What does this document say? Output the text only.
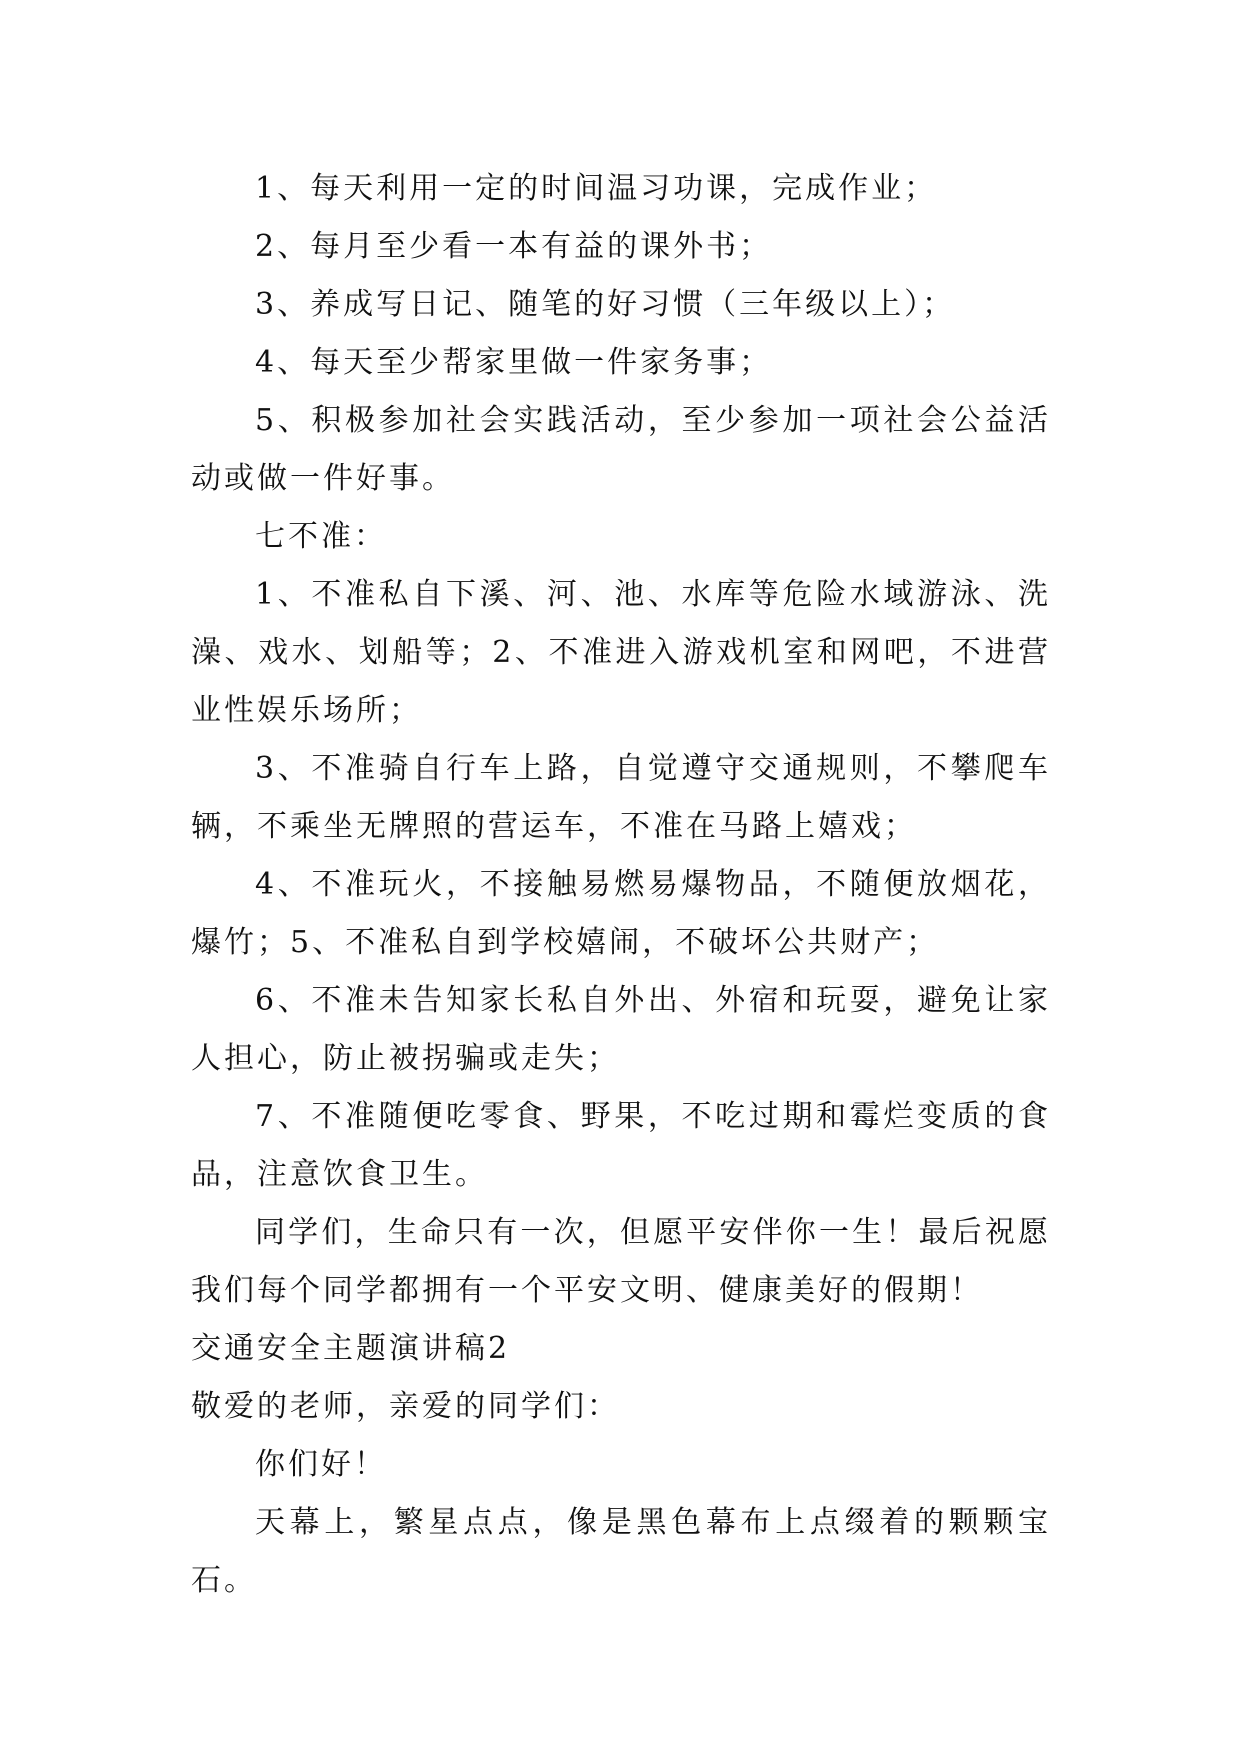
1、每天利用一定的时间温习功课，完成作业；

2、每月至少看一本有益的课外书；

3、养成写日记、随笔的好习惯（三年级以上）；

4、每天至少帮家里做一件家务事；

5、积极参加社会实践活动，至少参加一项社会公益活动或做一件好事。

七不准：

1、不准私自下溪、河、池、水库等危险水域游泳、洗澡、戏水、划船等；2、不准进入游戏机室和网吧，不进营业性娱乐场所；

3、不准骑自行车上路，自觉遵守交通规则，不攀爬车辆，不乘坐无牌照的营运车，不准在马路上嬉戏；

4、不准玩火，不接触易燃易爆物品，不随便放烟花，爆竹；5、不准私自到学校嬉闹，不破坏公共财产；

6、不准未告知家长私自外出、外宿和玩耍，避免让家人担心，防止被拐骗或走失；

7、不准随便吃零食、野果，不吃过期和霉烂变质的食品，注意饮食卫生。

同学们，生命只有一次，但愿平安伴你一生！最后祝愿我们每个同学都拥有一个平安文明、健康美好的假期！

交通安全主题演讲稿2

敬爱的老师，亲爱的同学们：

你们好！

天幕上，繁星点点，像是黑色幕布上点缀着的颗颗宝石。
